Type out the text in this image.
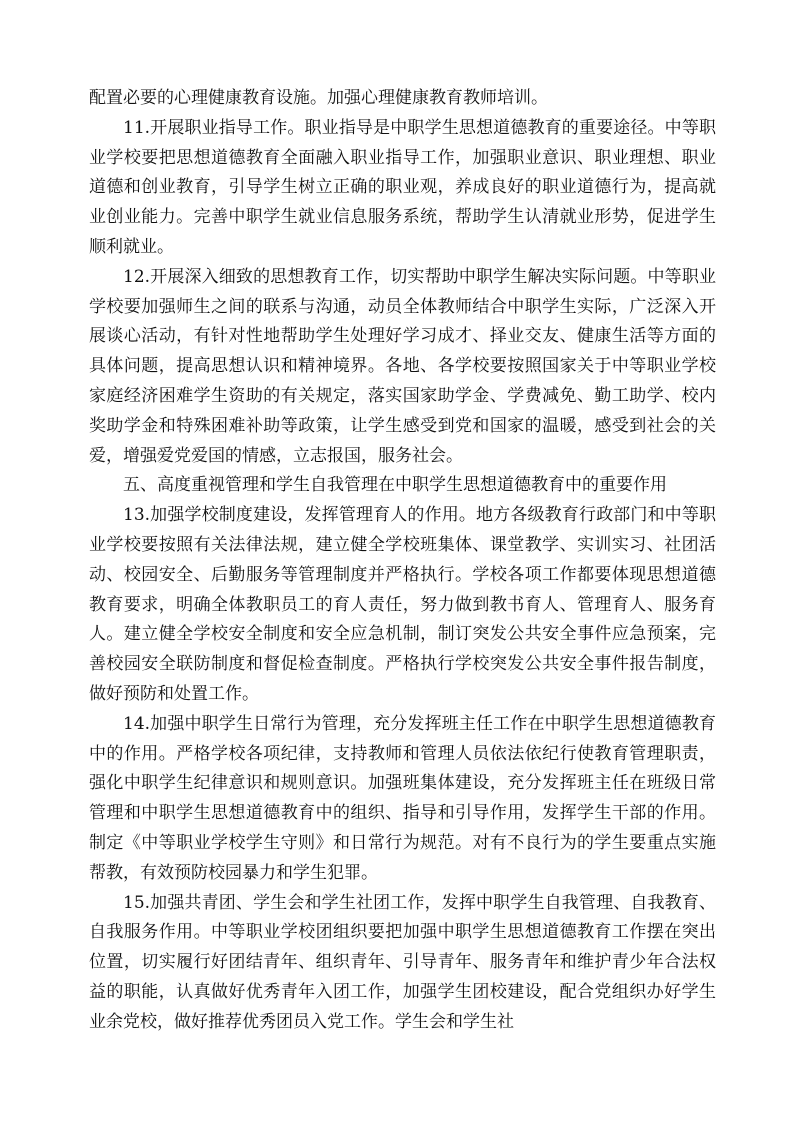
配置必要的心理健康教育设施。加强心理健康教育教师培训。

11.开展职业指导工作。职业指导是中职学生思想道德教育的重要途径。中等职业学校要把思想道德教育全面融入职业指导工作，加强职业意识、职业理想、职业道德和创业教育，引导学生树立正确的职业观，养成良好的职业道德行为，提高就业创业能力。完善中职学生就业信息服务系统，帮助学生认清就业形势，促进学生顺利就业。

12.开展深入细致的思想教育工作，切实帮助中职学生解决实际问题。中等职业学校要加强师生之间的联系与沟通，动员全体教师结合中职学生实际，广泛深入开展谈心活动，有针对性地帮助学生处理好学习成才、择业交友、健康生活等方面的具体问题，提高思想认识和精神境界。各地、各学校要按照国家关于中等职业学校家庭经济困难学生资助的有关规定，落实国家助学金、学费减免、勤工助学、校内奖助学金和特殊困难补助等政策，让学生感受到党和国家的温暖，感受到社会的关爱，增强爱党爱国的情感，立志报国，服务社会。

五、高度重视管理和学生自我管理在中职学生思想道德教育中的重要作用

13.加强学校制度建设，发挥管理育人的作用。地方各级教育行政部门和中等职业学校要按照有关法律法规，建立健全学校班集体、课堂教学、实训实习、社团活动、校园安全、后勤服务等管理制度并严格执行。学校各项工作都要体现思想道德教育要求，明确全体教职员工的育人责任，努力做到教书育人、管理育人、服务育人。建立健全学校安全制度和安全应急机制，制订突发公共安全事件应急预案，完善校园安全联防制度和督促检查制度。严格执行学校突发公共安全事件报告制度，做好预防和处置工作。

14.加强中职学生日常行为管理，充分发挥班主任工作在中职学生思想道德教育中的作用。严格学校各项纪律，支持教师和管理人员依法依纪行使教育管理职责，强化中职学生纪律意识和规则意识。加强班集体建设，充分发挥班主任在班级日常管理和中职学生思想道德教育中的组织、指导和引导作用，发挥学生干部的作用。制定《中等职业学校学生守则》和日常行为规范。对有不良行为的学生要重点实施帮教，有效预防校园暴力和学生犯罪。

15.加强共青团、学生会和学生社团工作，发挥中职学生自我管理、自我教育、自我服务作用。中等职业学校团组织要把加强中职学生思想道德教育工作摆在突出位置，切实履行好团结青年、组织青年、引导青年、服务青年和维护青少年合法权益的职能，认真做好优秀青年入团工作，加强学生团校建设，配合党组织办好学生业余党校，做好推荐优秀团员入党工作。学生会和学生社
